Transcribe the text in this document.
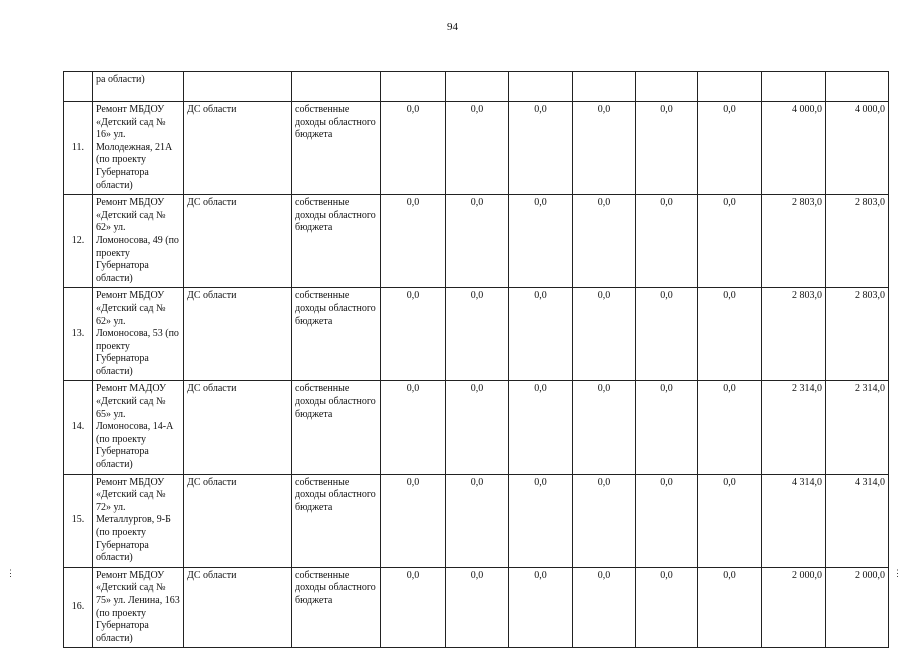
94
	ра области)										
11.	Ремонт МБДОУ «Детский сад № 16» ул. Молодежная, 21А (по проекту Губернатора области)	ДС области	собственные доходы областного бюджета	0,0	0,0	0,0	0,0	0,0	0,0	4 000,0	4 000,0
12.	Ремонт МБДОУ «Детский сад № 62» ул. Ломоносова, 49 (по проекту Губернатора области)	ДС области	собственные доходы областного бюджета	0,0	0,0	0,0	0,0	0,0	0,0	2 803,0	2 803,0
13.	Ремонт МБДОУ «Детский сад № 62» ул. Ломоносова, 53 (по проекту Губернатора области)	ДС области	собственные доходы областного бюджета	0,0	0,0	0,0	0,0	0,0	0,0	2 803,0	2 803,0
14.	Ремонт МАДОУ «Детский сад № 65» ул. Ломоносова, 14-А (по проекту Губернатора области)	ДС области	собственные доходы областного бюджета	0,0	0,0	0,0	0,0	0,0	0,0	2 314,0	2 314,0
15.	Ремонт МБДОУ «Детский сад № 72» ул. Металлургов, 9-Б (по проекту Губернатора области)	ДС области	собственные доходы областного бюджета	0,0	0,0	0,0	0,0	0,0	0,0	4 314,0	4 314,0
16.	Ремонт МБДОУ «Детский сад № 75» ул. Ленина, 163 (по проекту Губернатора области)	ДС области	собственные доходы областного бюджета	0,0	0,0	0,0	0,0	0,0	0,0	2 000,0	2 000,0
⋮	⋮
